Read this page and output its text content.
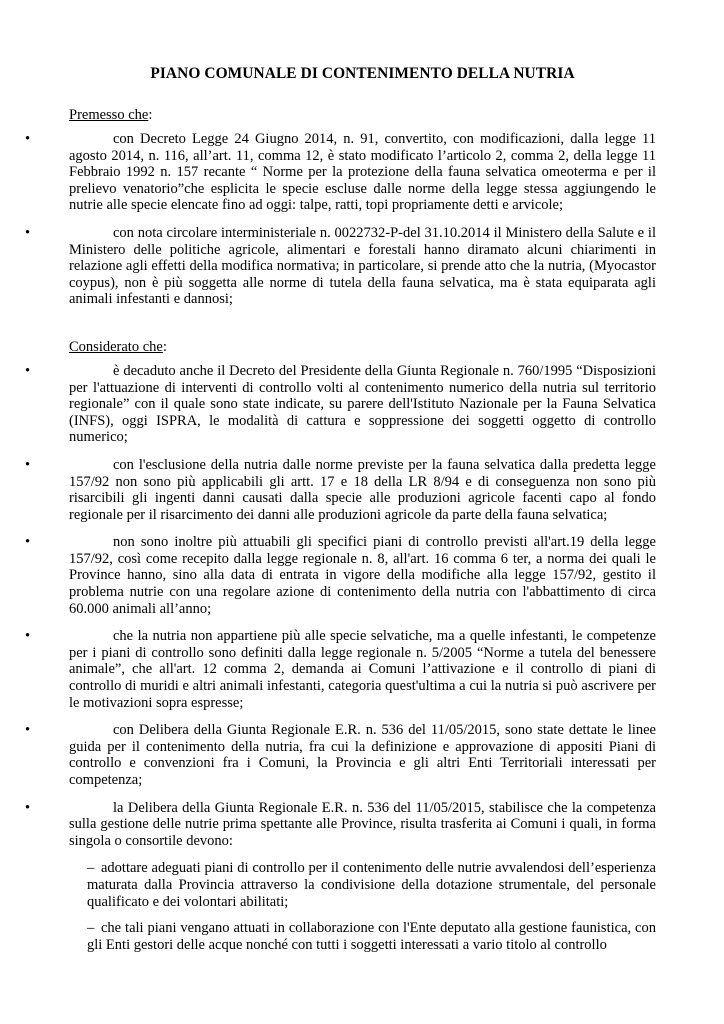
PIANO COMUNALE DI CONTENIMENTO DELLA NUTRIA

Premesso che:

•	con Decreto Legge 24 Giugno 2014, n. 91, convertito, con modificazioni, dalla legge 11 agosto 2014, n. 116, all’art. 11, comma 12, è stato modificato l’articolo 2, comma 2, della legge 11 Febbraio 1992 n. 157 recante “ Norme per la protezione della fauna selvatica omeoterma e per il prelievo venatorio”che esplicita le specie escluse dalle norme della legge stessa aggiungendo le nutrie alle specie elencate fino ad oggi: talpe, ratti, topi propriamente detti e arvicole;
•	con nota circolare interministeriale n. 0022732-P-del 31.10.2014 il Ministero della Salute e il Ministero delle politiche agricole, alimentari e forestali hanno diramato alcuni chiarimenti in relazione agli effetti della modifica normativa; in particolare, si prende atto che la nutria, (Myocastor coypus), non è più soggetta alle norme di tutela della fauna selvatica, ma è stata equiparata agli animali infestanti e dannosi;

Considerato che:

•	è decaduto anche il Decreto del Presidente della Giunta Regionale n. 760/1995 “Disposizioni per l'attuazione di interventi di controllo volti al contenimento numerico della nutria sul territorio regionale” con il quale sono state indicate, su parere dell'Istituto Nazionale per la Fauna Selvatica (INFS), oggi ISPRA, le modalità di cattura e soppressione dei soggetti oggetto di controllo numerico;
•	con l'esclusione della nutria dalle norme previste per la fauna selvatica dalla predetta legge 157/92 non sono più applicabili gli artt. 17 e 18 della LR 8/94 e di conseguenza non sono più risarcibili gli ingenti danni causati dalla specie alle produzioni agricole facenti capo al fondo regionale per il risarcimento dei danni alle produzioni agricole da parte della fauna selvatica;
•	non sono inoltre più attuabili gli specifici piani di controllo previsti all'art.19 della legge 157/92, così come recepito dalla legge regionale n. 8, all'art. 16 comma 6 ter, a norma dei quali le Province hanno, sino alla data di entrata in vigore della modifiche alla legge 157/92, gestito il problema nutrie con una regolare azione di contenimento della nutria con l'abbattimento di circa 60.000 animali all’anno;
•	che la nutria non appartiene più alle specie selvatiche, ma a quelle infestanti, le competenze per i piani di controllo sono definiti dalla legge regionale n. 5/2005 “Norme a tutela del benessere animale”, che all'art. 12 comma 2, demanda ai Comuni l’attivazione e il controllo di piani di controllo di muridi e altri animali infestanti, categoria quest'ultima a cui la nutria si può ascrivere per le motivazioni sopra espresse;
•	con Delibera della Giunta Regionale E.R. n. 536 del 11/05/2015, sono state dettate le linee guida per il contenimento della nutria, fra cui la definizione e approvazione di appositi Piani di controllo e convenzioni fra i Comuni, la Provincia e gli altri Enti Territoriali interessati per competenza;
•	la Delibera della Giunta Regionale E.R. n. 536 del 11/05/2015, stabilisce che la competenza sulla gestione delle nutrie prima spettante alle Province, risulta trasferita ai Comuni i quali, in forma singola o consortile devono:
– adottare adeguati piani di controllo per il contenimento delle nutrie avvalendosi dell’esperienza maturata dalla Provincia attraverso la condivisione della dotazione strumentale, del personale qualificato e dei volontari abilitati;
– che tali piani vengano attuati in collaborazione con l'Ente deputato alla gestione faunistica, con gli Enti gestori delle acque nonché con tutti i soggetti interessati a vario titolo al controllo
